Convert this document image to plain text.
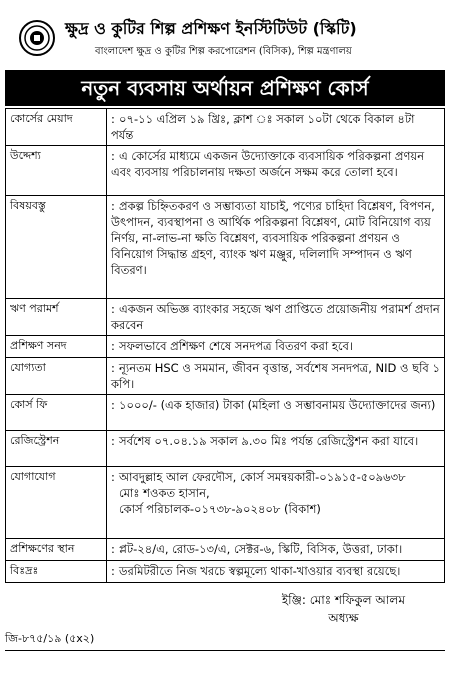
ক্ষুদ্র ও কুটির শিল্প প্রশিক্ষণ ইনস্টিটিউট (স্কিটি)
বাংলাদেশ ক্ষুদ্র ও কুটির শিল্প করপোরেশন (বিসিক), শিল্প মন্ত্রণালয়
নতুন ব্যবসায় অর্থায়ন প্রশিক্ষণ কোর্স
কোর্সের মেয়াদ	: ০৭-১১ এপ্রিল ১৯ খ্রিঃ, ক্লাশ ঃ সকাল ১০টা থেকে বিকাল ৪টা পর্যন্ত
উদ্দেশ্য	: এ কোর্সের মাধ্যমে একজন উদ্যোক্তাকে ব্যবসায়িক পরিকল্পনা প্রণয়ন এবং ব্যবসায় পরিচালনায় দক্ষতা অর্জনে সক্ষম করে তোলা হবে।
বিষয়বস্তু	: প্রকল্প চিহ্নিতকরণ ও সম্ভাব্যতা যাচাই, পণ্যের চাহিদা বিশ্লেষণ, বিপণন, উৎপাদন, ব্যবস্থাপনা ও আর্থিক পরিকল্পনা বিশ্লেষণ, মোট বিনিয়োগ ব্যয় নির্ণয়, না-লাভ-না ক্ষতি বিশ্লেষণ, ব্যবসায়িক পরিকল্পনা প্রণয়ন ও বিনিয়োগ সিদ্ধান্ত গ্রহণ, ব্যাংক ঋণ মঞ্জুর, দলিলাদি সম্পাদন ও ঋণ বিতরণ।
ঋণ পরামর্শ	: একজন অভিজ্ঞ ব্যাংকার সহজে ঋণ প্রাপ্তিতে প্রয়োজনীয় পরামর্শ প্রদান করবেন
প্রশিক্ষণ সনদ	: সফলভাবে প্রশিক্ষণ শেষে সনদপত্র বিতরণ করা হবে।
যোগ্যতা	: ন্যূনতম HSC ও সমমান, জীবন বৃত্তান্ত, সর্বশেষ সনদপত্র, NID ও ছবি ১ কপি।
কোর্স ফি	: ১০০০/- (এক হাজার) টাকা (মহিলা ও সম্ভাবনাময় উদ্যোক্তাদের জন্য)
রেজিস্ট্রেশন	: সর্বশেষ ০৭.০৪.১৯ সকাল ৯.৩০ মিঃ পর্যন্ত রেজিস্ট্রেশন করা যাবে।
যোগাযোগ	: আবদুল্লাহ আল ফেরদৌস, কোর্স সমন্বয়কারী-০১৯১৫-৫০৯৬৩৮
মোঃ শওকত হাসান,
কোর্স পরিচালক-০১৭৩৮-৯০২৪০৮ (বিকাশ)

প্রশিক্ষণের স্থান	: প্লট-২৪/এ, রোড-১৩/এ, সেক্টর-৬, স্কিটি, বিসিক, উত্তরা, ঢাকা।
বিঃদ্রঃ	: ডরমিটরীতে নিজ খরচে স্বল্পমূল্যে থাকা-খাওয়ার ব্যবস্থা রয়েছে।
ইঞ্জি: মোঃ শফিকুল আলম
অধ্যক্ষ
জি-৮৭৫/১৯ (৫x২)
